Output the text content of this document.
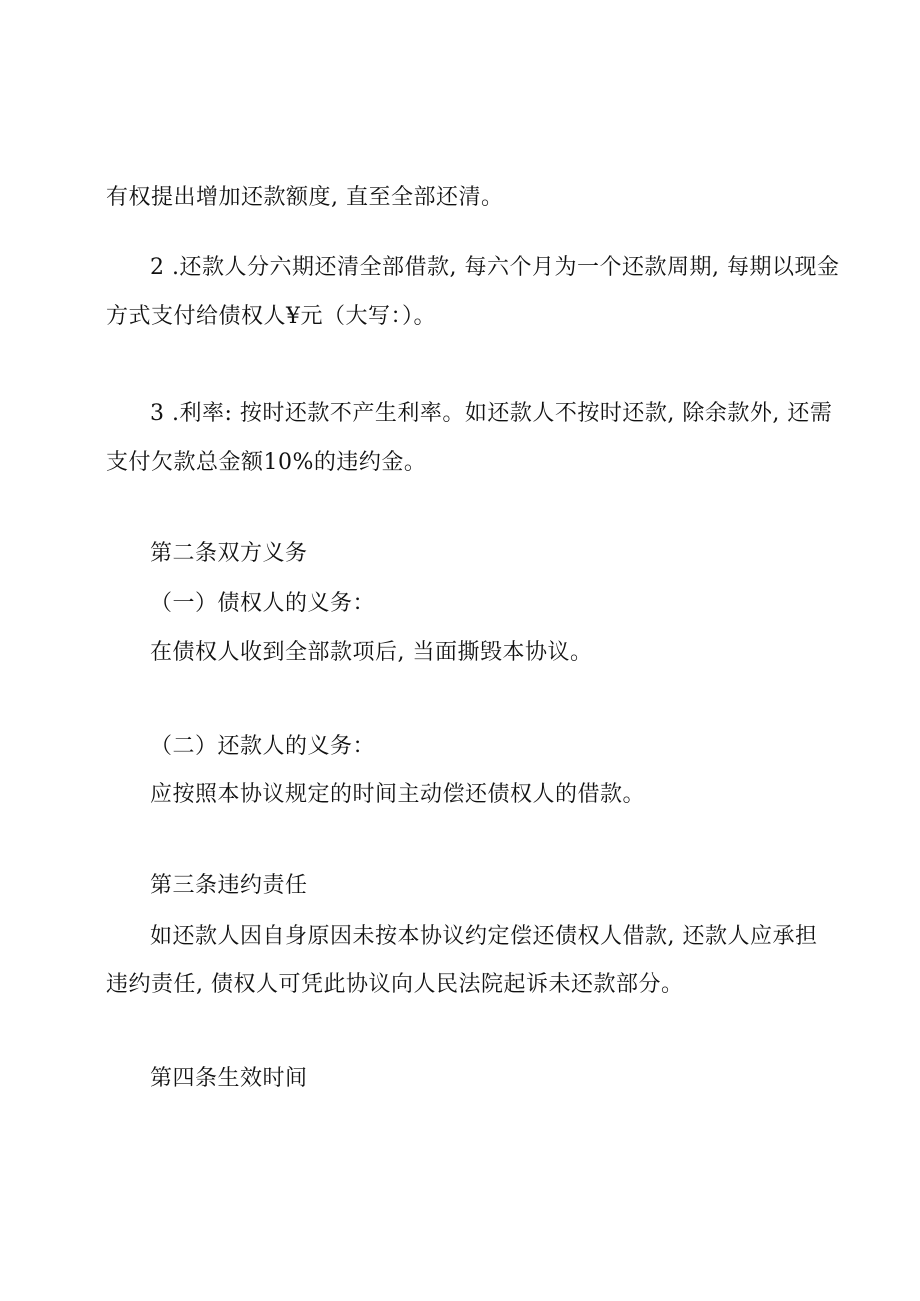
有权提出增加还款额度, 直至全部还清。
2 .还款人分六期还清全部借款, 每六个月为一个还款周期, 每期以现金
方式支付给债权人¥元（大写：）。
3 .利率: 按时还款不产生利率。如还款人不按时还款, 除余款外, 还需
支付欠款总金额10%的违约金。
第二条双方义务
（一）债权人的义务：
在债权人收到全部款项后, 当面撕毁本协议。
（二）还款人的义务：
应按照本协议规定的时间主动偿还债权人的借款。
第三条违约责任
如还款人因自身原因未按本协议约定偿还债权人借款, 还款人应承担
违约责任, 债权人可凭此协议向人民法院起诉未还款部分。
第四条生效时间
